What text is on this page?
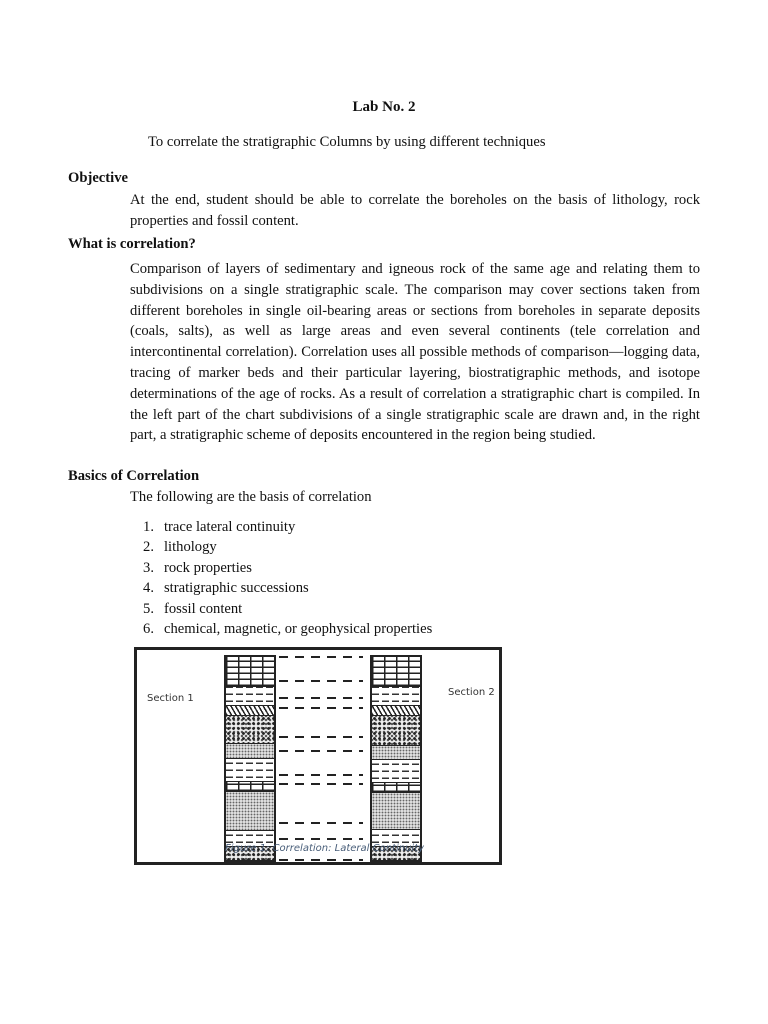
Lab No. 2
To correlate the stratigraphic Columns by using different techniques
Objective
At the end, student should be able to correlate the boreholes on the basis of lithology, rock properties and fossil content.
What is correlation?
Comparison of layers of sedimentary and igneous rock of the same age and relating them to subdivisions on a single stratigraphic scale. The comparison may cover sections taken from different boreholes in single oil-bearing areas or sections from boreholes in separate deposits (coals, salts), as well as large areas and even several continents (tele correlation and intercontinental correlation). Correlation uses all possible methods of comparison—logging data, tracing of marker beds and their particular layering, biostratigraphic methods, and isotope determinations of the age of rocks. As a result of correlation a stratigraphic chart is compiled. In the left part of the chart subdivisions of a single stratigraphic scale are drawn and, in the right part, a stratigraphic scheme of deposits encountered in the region being studied.
Basics of Correlation
The following are the basis of correlation
1. trace lateral continuity
2. lithology
3. rock properties
4. stratigraphic successions
5. fossil content
6. chemical, magnetic, or geophysical properties
Section 1
Section 2
Figure 1: Correlation: Lateral Continuity
